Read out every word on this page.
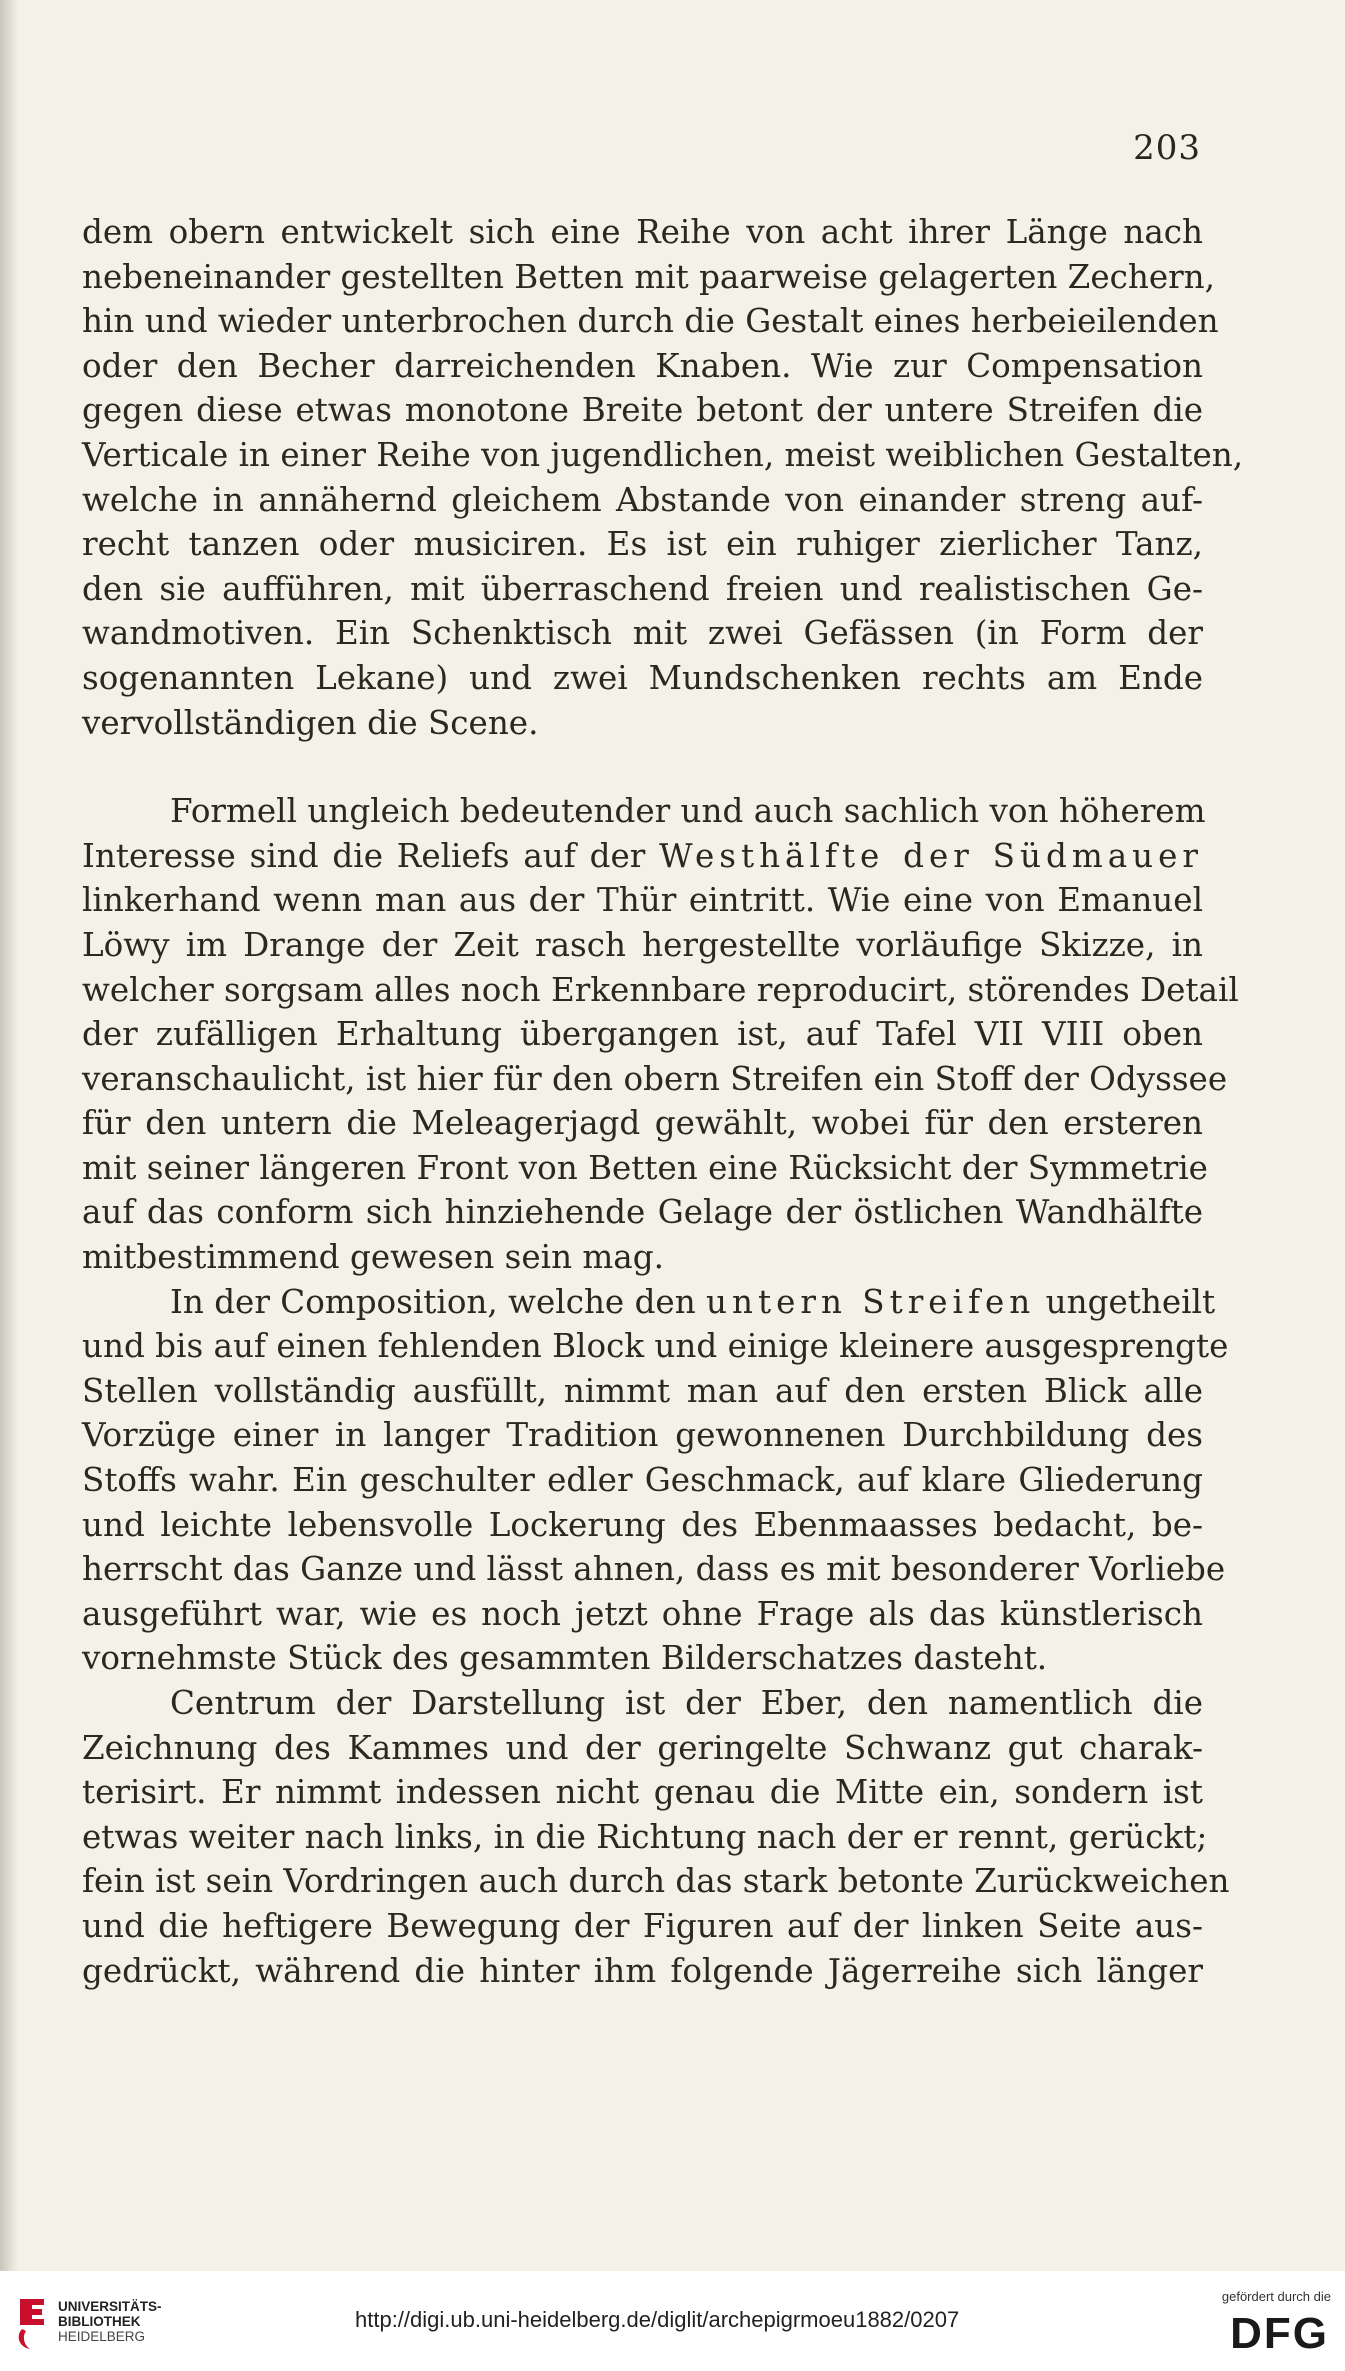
203
dem obern entwickelt sich eine Reihe von acht ihrer Länge nach
nebeneinander gestellten Betten mit paarweise gelagerten Zechern,
hin und wieder unterbrochen durch die Gestalt eines herbeieilenden
oder den Becher darreichenden Knaben. Wie zur Compensation
gegen diese etwas monotone Breite betont der untere Streifen die
Verticale in einer Reihe von jugendlichen, meist weiblichen Gestalten,
welche in annähernd gleichem Abstande von einander streng auf-
recht tanzen oder musiciren. Es ist ein ruhiger zierlicher Tanz,
den sie aufführen, mit überraschend freien und realistischen Ge-
wandmotiven. Ein Schenktisch mit zwei Gefässen (in Form der
sogenannten Lekane) und zwei Mundschenken rechts am Ende
vervollständigen die Scene.
Formell ungleich bedeutender und auch sachlich von höherem
Interesse sind die Reliefs auf der Westhälfte der Südmauer
linkerhand wenn man aus der Thür eintritt. Wie eine von Emanuel
Löwy im Drange der Zeit rasch hergestellte vorläufige Skizze, in
welcher sorgsam alles noch Erkennbare reproducirt, störendes Detail
der zufälligen Erhaltung übergangen ist, auf Tafel VII VIII oben
veranschaulicht, ist hier für den obern Streifen ein Stoff der Odyssee
für den untern die Meleagerjagd gewählt, wobei für den ersteren
mit seiner längeren Front von Betten eine Rücksicht der Symmetrie
auf das conform sich hinziehende Gelage der östlichen Wandhälfte
mitbestimmend gewesen sein mag.
In der Composition, welche den untern Streifen ungetheilt
und bis auf einen fehlenden Block und einige kleinere ausgesprengte
Stellen vollständig ausfüllt, nimmt man auf den ersten Blick alle
Vorzüge einer in langer Tradition gewonnenen Durchbildung des
Stoffs wahr. Ein geschulter edler Geschmack, auf klare Gliederung
und leichte lebensvolle Lockerung des Ebenmaasses bedacht, be-
herrscht das Ganze und lässt ahnen, dass es mit besonderer Vorliebe
ausgeführt war, wie es noch jetzt ohne Frage als das künstlerisch
vornehmste Stück des gesammten Bilderschatzes dasteht.
Centrum der Darstellung ist der Eber, den namentlich die
Zeichnung des Kammes und der geringelte Schwanz gut charak-
terisirt. Er nimmt indessen nicht genau die Mitte ein, sondern ist
etwas weiter nach links, in die Richtung nach der er rennt, gerückt;
fein ist sein Vordringen auch durch das stark betonte Zurückweichen
und die heftigere Bewegung der Figuren auf der linken Seite aus-
gedrückt, während die hinter ihm folgende Jägerreihe sich länger
UNIVERSITÄTS-
BIBLIOTHEK
HEIDELBERG
http://digi.ub.uni-heidelberg.de/diglit/archepigrmoeu1882/0207
gefördert durch die
DFG
